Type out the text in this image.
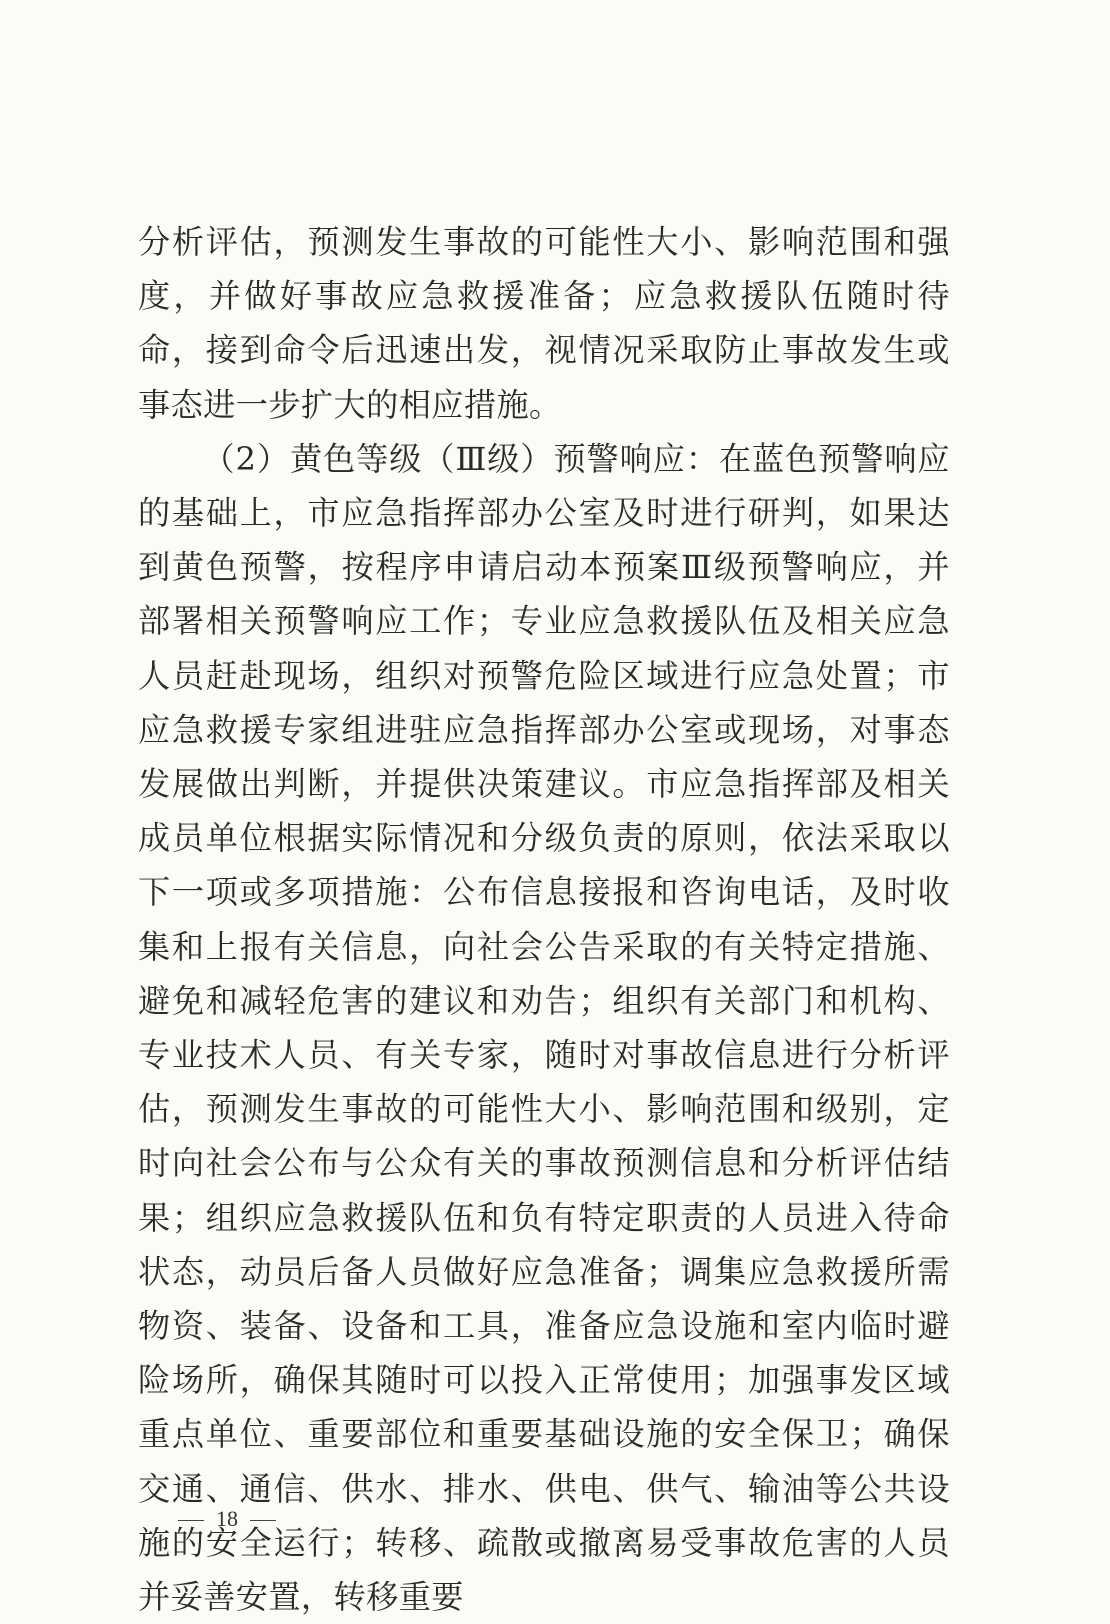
分析评估，预测发生事故的可能性大小、影响范围和强度，并做好事故应急救援准备；应急救援队伍随时待命，接到命令后迅速出发，视情况采取防止事故发生或事态进一步扩大的相应措施。

（2）黄色等级（Ⅲ级）预警响应：在蓝色预警响应的基础上，市应急指挥部办公室及时进行研判，如果达到黄色预警，按程序申请启动本预案Ⅲ级预警响应，并部署相关预警响应工作；专业应急救援队伍及相关应急人员赶赴现场，组织对预警危险区域进行应急处置；市应急救援专家组进驻应急指挥部办公室或现场，对事态发展做出判断，并提供决策建议。市应急指挥部及相关成员单位根据实际情况和分级负责的原则，依法采取以下一项或多项措施：公布信息接报和咨询电话，及时收集和上报有关信息，向社会公告采取的有关特定措施、避免和减轻危害的建议和劝告；组织有关部门和机构、专业技术人员、有关专家，随时对事故信息进行分析评估，预测发生事故的可能性大小、影响范围和级别，定时向社会公布与公众有关的事故预测信息和分析评估结果；组织应急救援队伍和负有特定职责的人员进入待命状态，动员后备人员做好应急准备；调集应急救援所需物资、装备、设备和工具，准备应急设施和室内临时避险场所，确保其随时可以投入正常使用；加强事发区域重点单位、重要部位和重要基础设施的安全保卫；确保交通、通信、供水、排水、供电、供气、输油等公共设施的安全运行；转移、疏散或撤离易受事故危害的人员并妥善安置，转移重要

18
